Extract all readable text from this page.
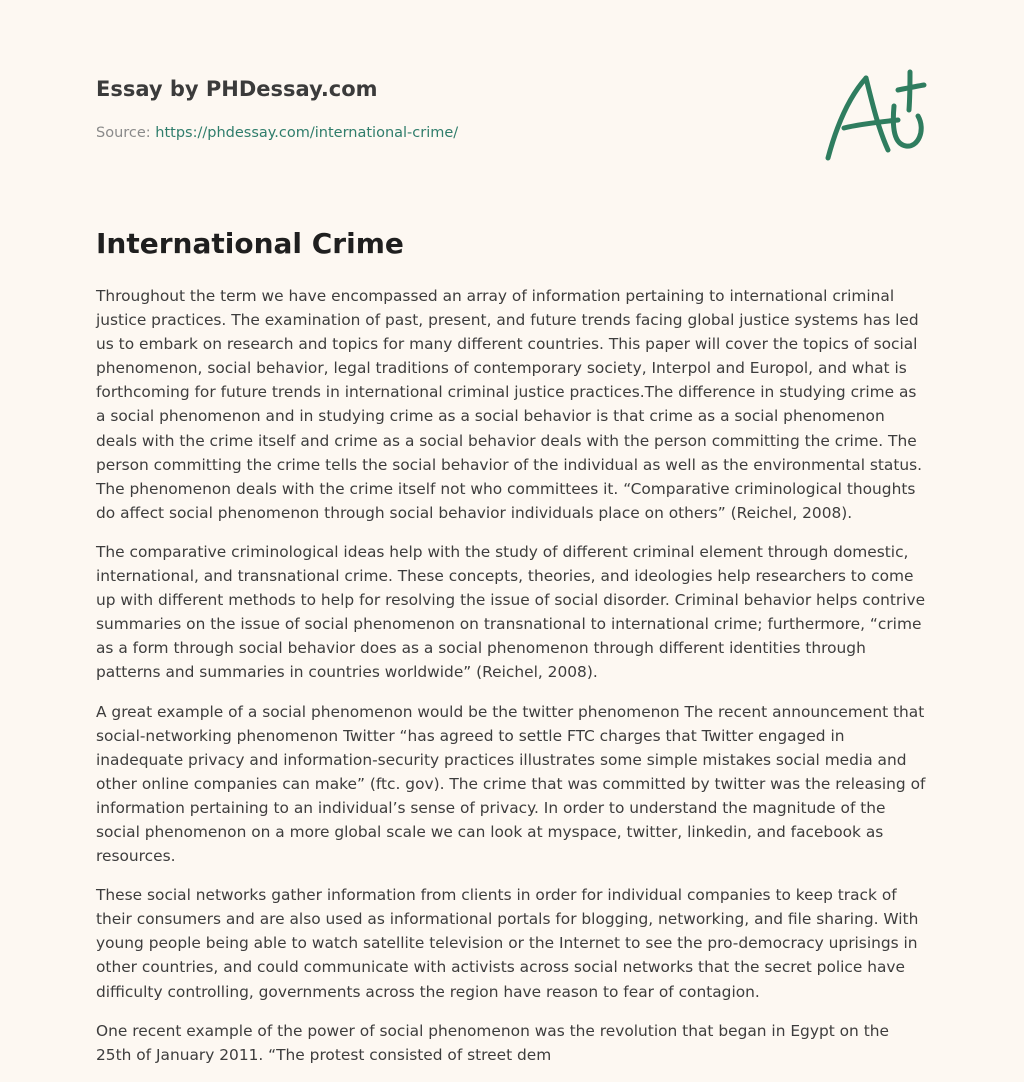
Essay by PHDessay.com
Source: https://phdessay.com/international-crime/
International Crime

Throughout the term we have encompassed an array of information pertaining to international criminal justice practices. The examination of past, present, and future trends facing global justice systems has led us to embark on research and topics for many different countries. This paper will cover the topics of social phenomenon, social behavior, legal traditions of contemporary society, Interpol and Europol, and what is forthcoming for future trends in international criminal justice practices.The difference in studying crime as a social phenomenon and in studying crime as a social behavior is that crime as a social phenomenon deals with the crime itself and crime as a social behavior deals with the person committing the crime. The person committing the crime tells the social behavior of the individual as well as the environmental status. The phenomenon deals with the crime itself not who committees it. “Comparative criminological thoughts do affect social phenomenon through social behavior individuals place on others” (Reichel, 2008).

The comparative criminological ideas help with the study of different criminal element through domestic, international, and transnational crime. These concepts, theories, and ideologies help researchers to come up with different methods to help for resolving the issue of social disorder. Criminal behavior helps contrive summaries on the issue of social phenomenon on transnational to international crime; furthermore, “crime as a form through social behavior does as a social phenomenon through different identities through patterns and summaries in countries worldwide” (Reichel, 2008).

A great example of a social phenomenon would be the twitter phenomenon The recent announcement that social-networking phenomenon Twitter “has agreed to settle FTC charges that Twitter engaged in inadequate privacy and information-security practices illustrates some simple mistakes social media and other online companies can make” (ftc. gov). The crime that was committed by twitter was the releasing of information pertaining to an individual’s sense of privacy. In order to understand the magnitude of the social phenomenon on a more global scale we can look at myspace, twitter, linkedin, and facebook as resources.

These social networks gather information from clients in order for individual companies to keep track of their consumers and are also used as informational portals for blogging, networking, and file sharing. With young people being able to watch satellite television or the Internet to see the pro-democracy uprisings in other countries, and could communicate with activists across social networks that the secret police have difficulty controlling, governments across the region have reason to fear of contagion.

One recent example of the power of social phenomenon was the revolution that began in Egypt on the 25th of January 2011. “The protest consisted of street dem
